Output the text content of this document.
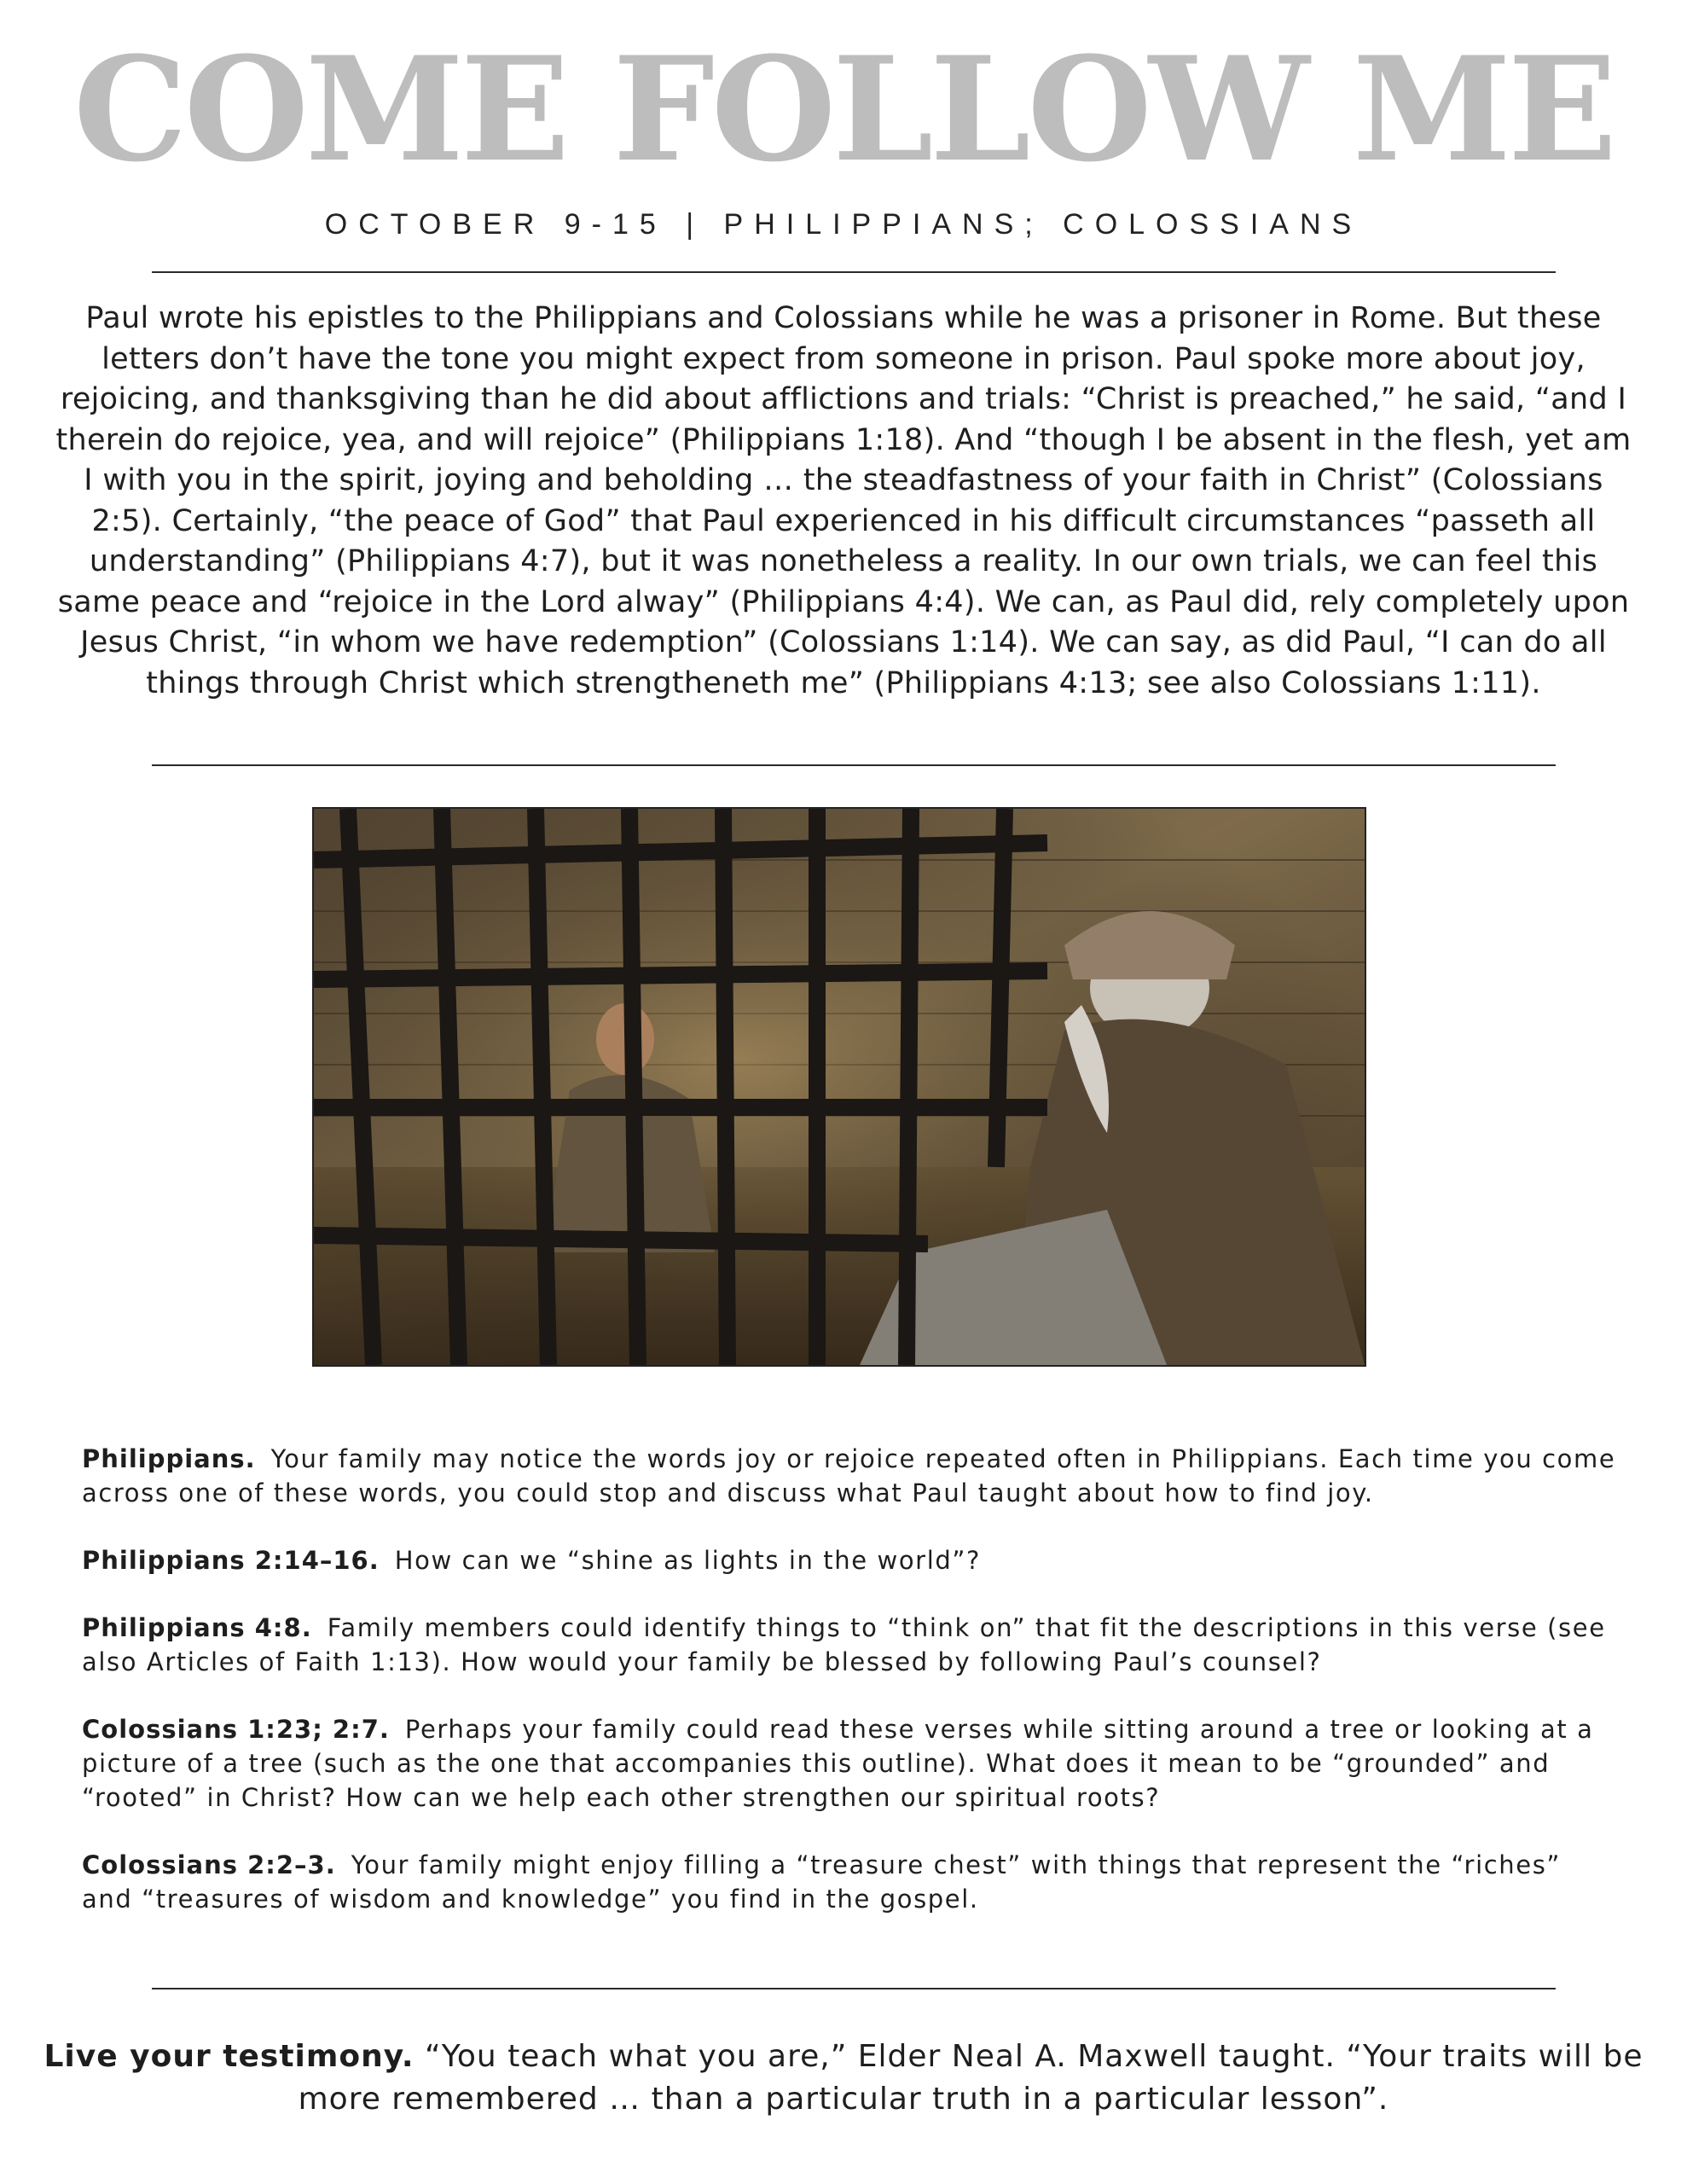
COME FOLLOW ME
OCTOBER 9-15 | PHILIPPIANS; COLOSSIANS
Paul wrote his epistles to the Philippians and Colossians while he was a prisoner in Rome. But these letters don’t have the tone you might expect from someone in prison. Paul spoke more about joy, rejoicing, and thanksgiving than he did about afflictions and trials: “Christ is preached,” he said, “and I therein do rejoice, yea, and will rejoice” (Philippians 1:18). And “though I be absent in the flesh, yet am I with you in the spirit, joying and beholding … the steadfastness of your faith in Christ” (Colossians 2:5). Certainly, “the peace of God” that Paul experienced in his difficult circumstances “passeth all understanding” (Philippians 4:7), but it was nonetheless a reality. In our own trials, we can feel this same peace and “rejoice in the Lord alway” (Philippians 4:4). We can, as Paul did, rely completely upon Jesus Christ, “in whom we have redemption” (Colossians 1:14). We can say, as did Paul, “I can do all things through Christ which strengtheneth me” (Philippians 4:13; see also Colossians 1:11).

Philippians. Your family may notice the words joy or rejoice repeated often in Philippians. Each time you come across one of these words, you could stop and discuss what Paul taught about how to find joy.

Philippians 2:14–16. How can we “shine as lights in the world”?

Philippians 4:8. Family members could identify things to “think on” that fit the descriptions in this verse (see also Articles of Faith 1:13). How would your family be blessed by following Paul’s counsel?

Colossians 1:23; 2:7. Perhaps your family could read these verses while sitting around a tree or looking at a picture of a tree (such as the one that accompanies this outline). What does it mean to be “grounded” and “rooted” in Christ? How can we help each other strengthen our spiritual roots?

Colossians 2:2–3. Your family might enjoy filling a “treasure chest” with things that represent the “riches” and “treasures of wisdom and knowledge” you find in the gospel.

Live your testimony. “You teach what you are,” Elder Neal A. Maxwell taught. “Your traits will be more remembered … than a particular truth in a particular lesson”.
